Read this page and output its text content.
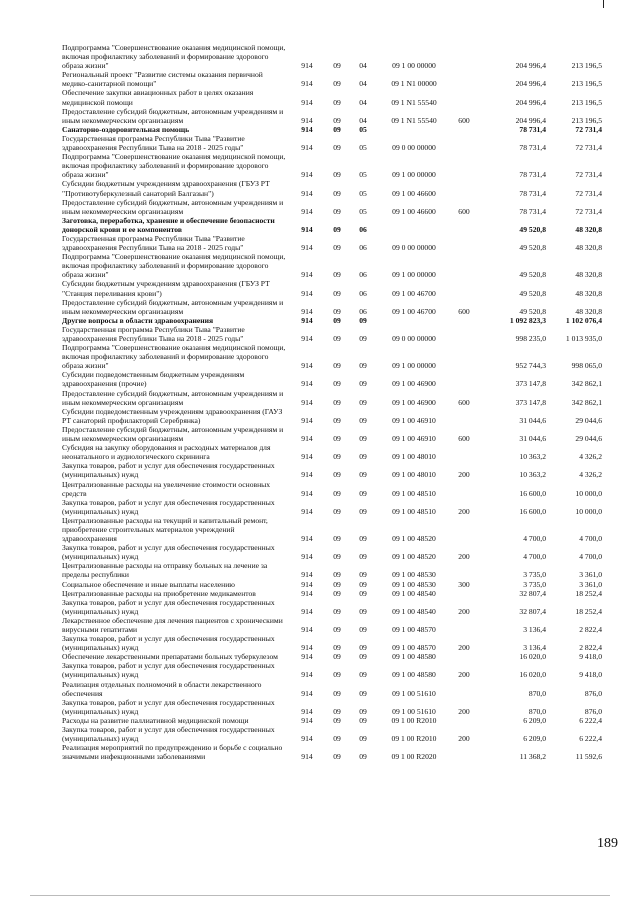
Подпрограмма "Совершенствование оказания медицинской помощи, включая профилактику заболеваний и формирование здорового образа жизни"	914	09	04	09 1 00 00000		204 996,4	213 196,5
Региональный проект "Развитие системы оказания первичной медико-санитарной помощи"	914	09	04	09 1 N1 00000		204 996,4	213 196,5
Обеспечение закупки авиационных работ в целях оказания медицинской помощи	914	09	04	09 1 N1 55540		204 996,4	213 196,5
Предоставление субсидий бюджетным, автономным учреждениям и иным некоммерческим организациям	914	09	04	09 1 N1 55540	600	204 996,4	213 196,5
Санаторно-оздоровительная помощь	914	09	05			78 731,4	72 731,4
Государственная программа Республики Тыва "Развитие здравоохранения Республики Тыва на 2018 - 2025 годы"	914	09	05	09 0 00 00000		78 731,4	72 731,4
Подпрограмма "Совершенствование оказания медицинской помощи, включая профилактику заболеваний и формирование здорового образа жизни"	914	09	05	09 1 00 00000		78 731,4	72 731,4
Субсидии бюджетным учреждениям здравоохранения (ГБУЗ РТ "Противотуберкулезный санаторий Балгазын")	914	09	05	09 1 00 46600		78 731,4	72 731,4
Предоставление субсидий бюджетным, автономным учреждениям и иным некоммерческим организациям	914	09	05	09 1 00 46600	600	78 731,4	72 731,4
Заготовка, переработка, хранение и обеспечение безопасности донорской крови и ее компонентов	914	09	06			49 520,8	48 320,8
Государственная программа Республики Тыва "Развитие здравоохранения Республики Тыва на 2018 - 2025 годы"	914	09	06	09 0 00 00000		49 520,8	48 320,8
Подпрограмма "Совершенствование оказания медицинской помощи, включая профилактику заболеваний и формирование здорового образа жизни"	914	09	06	09 1 00 00000		49 520,8	48 320,8
Субсидии бюджетным учреждениям здравоохранения (ГБУЗ РТ "Станция переливания крови")	914	09	06	09 1 00 46700		49 520,8	48 320,8
Предоставление субсидий бюджетным, автономным учреждениям и иным некоммерческим организациям	914	09	06	09 1 00 46700	600	49 520,8	48 320,8
Другие вопросы в области здравоохранения	914	09	09			1 092 823,3	1 102 076,4
Государственная программа Республики Тыва "Развитие здравоохранения Республики Тыва на 2018 - 2025 годы"	914	09	09	09 0 00 00000		998 235,0	1 013 935,0
Подпрограмма "Совершенствование оказания медицинской помощи, включая профилактику заболеваний и формирование здорового образа жизни"	914	09	09	09 1 00 00000		952 744,3	998 065,0
Субсидии подведомственным бюджетным учреждениям здравоохранения (прочие)	914	09	09	09 1 00 46900		373 147,8	342 862,1
Предоставление субсидий бюджетным, автономным учреждениям и иным некоммерческим организациям	914	09	09	09 1 00 46900	600	373 147,8	342 862,1
Субсидии подведомственным учреждениям здравоохранения (ГАУЗ РТ санаторий профилакторий Серебрянка)	914	09	09	09 1 00 46910		31 044,6	29 044,6
Предоставление субсидий бюджетным, автономным учреждениям и иным некоммерческим организациям	914	09	09	09 1 00 46910	600	31 044,6	29 044,6
Субсидия на закупку оборудования и расходных материалов для неонатального и аудиологического скрининга	914	09	09	09 1 00 48010		10 363,2	4 326,2
Закупка товаров, работ и услуг для обеспечения государственных (муниципальных) нужд	914	09	09	09 1 00 48010	200	10 363,2	4 326,2
Централизованные расходы на увеличение стоимости основных средств	914	09	09	09 1 00 48510		16 600,0	10 000,0
Закупка товаров, работ и услуг для обеспечения государственных (муниципальных) нужд	914	09	09	09 1 00 48510	200	16 600,0	10 000,0
Централизованные расходы на текущий и капитальный ремонт, приобретение строительных материалов учреждений здравоохранения	914	09	09	09 1 00 48520		4 700,0	4 700,0
Закупка товаров, работ и услуг для обеспечения государственных (муниципальных) нужд	914	09	09	09 1 00 48520	200	4 700,0	4 700,0
Централизованные расходы на отправку больных на лечение за пределы республики	914	09	09	09 1 00 48530		3 735,0	3 361,0
Социальное обеспечение и иные выплаты населению	914	09	09	09 1 00 48530	300	3 735,0	3 361,0
Централизованные расходы на приобретение медикаментов	914	09	09	09 1 00 48540		32 807,4	18 252,4
Закупка товаров, работ и услуг для обеспечения государственных (муниципальных) нужд	914	09	09	09 1 00 48540	200	32 807,4	18 252,4
Лекарственное обеспечение для лечения пациентов с хроническими вирусными гепатитами	914	09	09	09 1 00 48570		3 136,4	2 822,4
Закупка товаров, работ и услуг для обеспечения государственных (муниципальных) нужд	914	09	09	09 1 00 48570	200	3 136,4	2 822,4
Обеспечение лекарственными препаратами больных туберкулезом	914	09	09	09 1 00 48580		16 020,0	9 418,0
Закупка товаров, работ и услуг для обеспечения государственных (муниципальных) нужд	914	09	09	09 1 00 48580	200	16 020,0	9 418,0
Реализация отдельных полномочий в области лекарственного обеспечения	914	09	09	09 1 00 51610		870,0	876,0
Закупка товаров, работ и услуг для обеспечения государственных (муниципальных) нужд	914	09	09	09 1 00 51610	200	870,0	876,0
Расходы на развитие паллиативной медицинской помощи	914	09	09	09 1 00 R2010		6 209,0	6 222,4
Закупка товаров, работ и услуг для обеспечения государственных (муниципальных) нужд	914	09	09	09 1 00 R2010	200	6 209,0	6 222,4
Реализация мероприятий по предупреждению и борьбе с социально значимыми инфекционными заболеваниями	914	09	09	09 1 00 R2020		11 368,2	11 592,6
189
